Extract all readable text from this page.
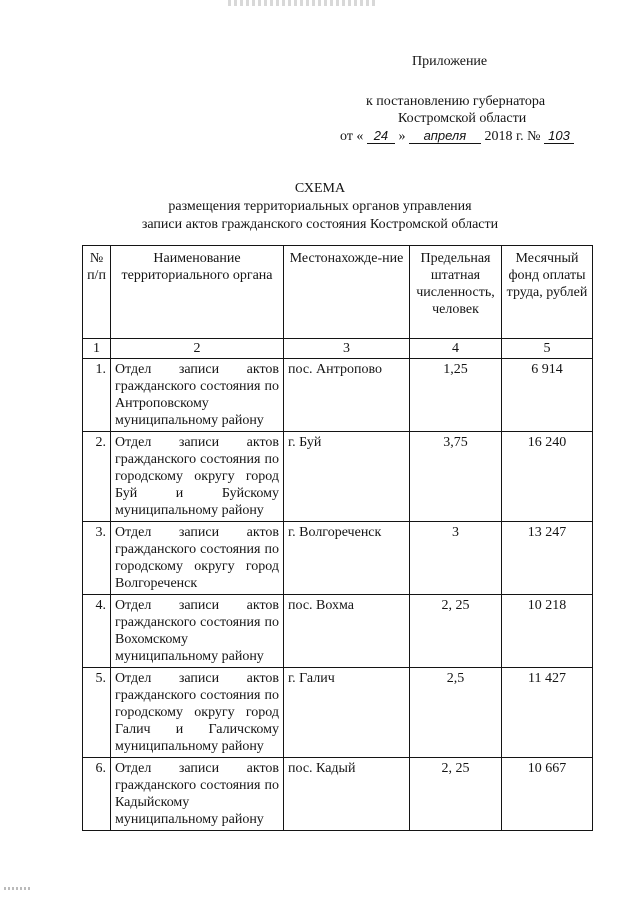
Приложение
к постановлению губернатора
Костромской области
от « 24 » апреля 2018 г. № 103
СХЕМА
размещения территориальных органов управления
записи актов гражданского состояния Костромской области
№ п/п	Наименование территориального органа	Местонахожде-ние	Предельная штатная численность, человек	Месячный фонд оплаты труда, рублей
1	2	3	4	5
1.	Отдел записи актов гражданского состояния по Антроповскому муниципальному району	пос. Антропово	1,25	6 914
2.	Отдел записи актов гражданского состояния по городскому округу город Буй и Буйскому муниципальному району	г. Буй	3,75	16 240
3.	Отдел записи актов гражданского состояния по городскому округу город Волгореченск	г. Волгореченск	3	13 247
4.	Отдел записи актов гражданского состояния по Вохомскому муниципальному району	пос. Вохма	2, 25	10 218
5.	Отдел записи актов гражданского состояния по городскому округу город Галич и Галичскому муниципальному району	г. Галич	2,5	11 427
6.	Отдел записи актов гражданского состояния по Кадыйскому муниципальному району	пос. Кадый	2, 25	10 667
